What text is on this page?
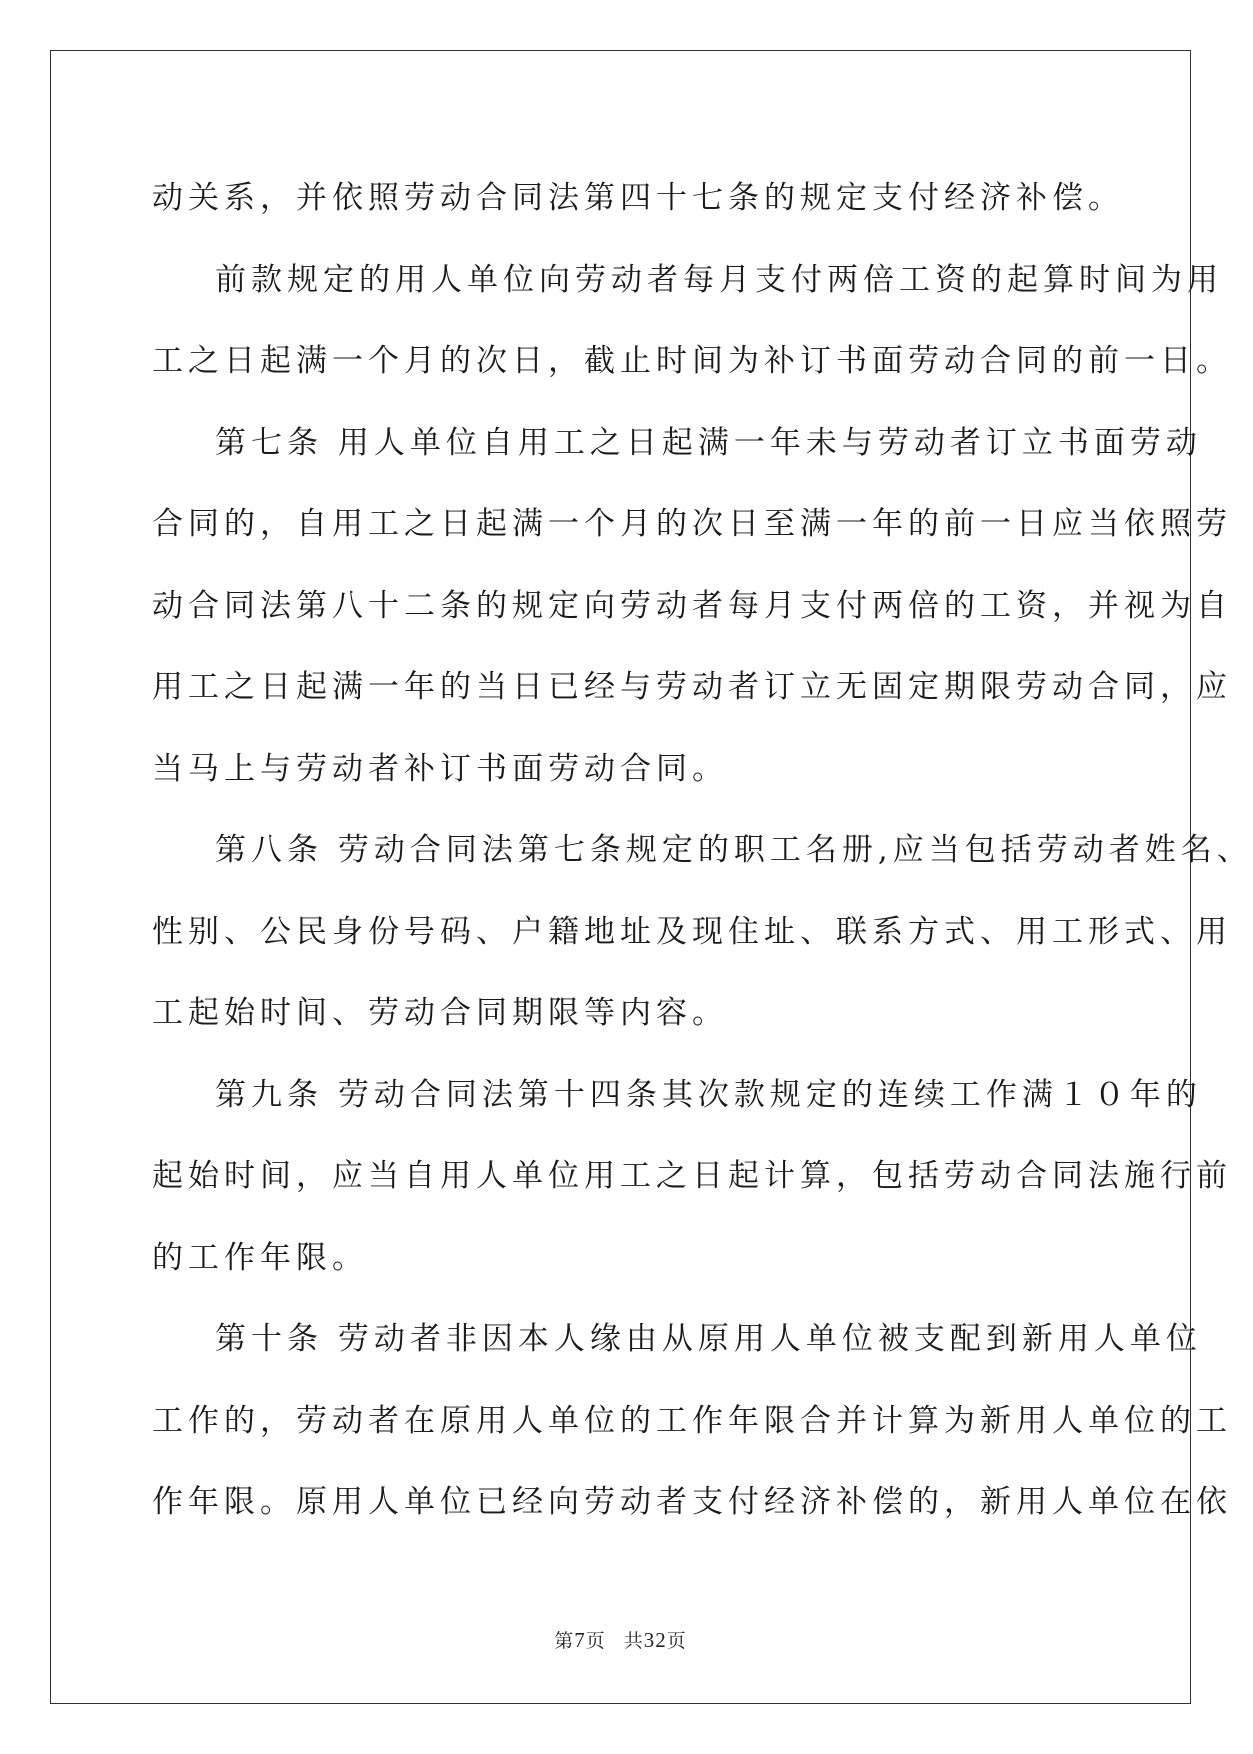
动关系，并依照劳动合同法第四十七条的规定支付经济补偿。
前款规定的用人单位向劳动者每月支付两倍工资的起算时间为用
工之日起满一个月的次日，截止时间为补订书面劳动合同的前一日。
第七条 用人单位自用工之日起满一年未与劳动者订立书面劳动
合同的，自用工之日起满一个月的次日至满一年的前一日应当依照劳
动合同法第八十二条的规定向劳动者每月支付两倍的工资，并视为自
用工之日起满一年的当日已经与劳动者订立无固定期限劳动合同，应
当马上与劳动者补订书面劳动合同。
第八条 劳动合同法第七条规定的职工名册,应当包括劳动者姓名、
性别、公民身份号码、户籍地址及现住址、联系方式、用工形式、用
工起始时间、劳动合同期限等内容。
第九条 劳动合同法第十四条其次款规定的连续工作满１０年的
起始时间，应当自用人单位用工之日起计算，包括劳动合同法施行前
的工作年限。
第十条 劳动者非因本人缘由从原用人单位被支配到新用人单位
工作的，劳动者在原用人单位的工作年限合并计算为新用人单位的工
作年限。原用人单位已经向劳动者支付经济补偿的，新用人单位在依
第7页 共32页
